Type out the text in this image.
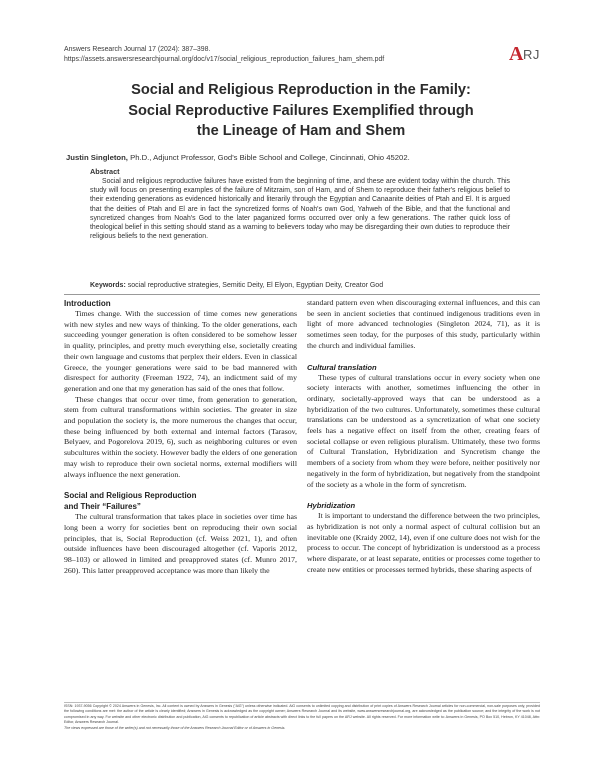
Answers Research Journal 17 (2024): 387–398.
https://assets.answersresearchjournal.org/doc/v17/social_religious_reproduction_failures_ham_shem.pdf	A RJ
Social and Religious Reproduction in the Family:
Social Reproductive Failures Exemplified through
the Lineage of Ham and Shem
Justin Singleton, Ph.D., Adjunct Professor, God's Bible School and College, Cincinnati, Ohio 45202.
Abstract

Social and religious reproductive failures have existed from the beginning of time, and these are evident today within the church. This study will focus on presenting examples of the failure of Mitzraim, son of Ham, and of Shem to reproduce their father's religious belief to their extending generations as evidenced historically and literarily through the Egyptian and Canaanite deities of Ptah and El. It is argued that the deities of Ptah and El are in fact the syncretized forms of Noah's own God, Yahweh of the Bible, and that the functional and syncretized changes from Noah's God to the later paganized forms occurred over only a few generations. The rather quick loss of theological belief in this setting should stand as a warning to believers today who may be disregarding their own duties to reproduce their religious beliefs to the next generation.

Keywords: social reproductive strategies, Semitic Deity, El Elyon, Egyptian Deity, Creator God
Introduction

Times change. With the succession of time comes new generations with new styles and new ways of thinking. To the older generations, each succeeding younger generation is often considered to be somehow lesser in quality, principles, and pretty much everything else, societally creating their own language and customs that perplex their elders. Even in classical Greece, the younger generations were said to be bad mannered with disrespect for authority (Freeman 1922, 74), an indictment said of my generation and one that my generation has said of the ones that follow.

These changes that occur over time, from generation to generation, stem from cultural transformations within societies. The greater in size and population the society is, the more numerous the changes that occur, these being influenced by both external and internal factors (Tarasov, Belyaev, and Pogorelova 2019, 6), such as neighboring cultures or even subcultures within the society. However badly the elders of one generation may wish to reproduce their own societal norms, external modifiers will always influence the next generation.

Social and Religious Reproduction
and Their “Failures”

The cultural transformation that takes place in societies over time has long been a worry for societies bent on reproducing their own social principles, that is, Social Reproduction (cf. Weiss 2021, 1), and often outside influences have been discouraged altogether (cf. Vaporis 2012, 98–103) or allowed in limited and preapproved states (cf. Munro 2017, 260). This latter preapproved acceptance was more than likely the

standard pattern even when discouraging external influences, and this can be seen in ancient societies that continued indigenous traditions even in light of more advanced technologies (Singleton 2024, 71), as it is sometimes seen today, for the purposes of this study, particularly within the church and individual families.

Cultural translation

These types of cultural translations occur in every society when one society interacts with another, sometimes influencing the other in ordinary, societally-approved ways that can be understood as a hybridization of the two cultures. Unfortunately, sometimes these cultural translations can be understood as a syncretization of what one society feels has a negative effect on itself from the other, creating fears of societal collapse or even religious pluralism. Ultimately, these two forms of Cultural Translation, Hybridization and Syncretism change the members of a society from whom they were before, neither positively nor negatively in the form of hybridization, but negatively from the standpoint of the society as a whole in the form of syncretism.

Hybridization

It is important to understand the difference between the two principles, as hybridization is not only a normal aspect of cultural collision but an inevitable one (Kraidy 2002, 14), even if one culture does not wish for the process to occur. The concept of hybridization is understood as a process where disparate, or at least separate, entities or processes come together to create new entities or processes termed hybrids, these sharing aspects of

ISSN: 1937-9056 Copyright © 2024 Answers in Genesis, Inc. All content is owned by Answers in Genesis (“AiG”) unless otherwise indicated. AiG consents to unlimited copying and distribution of print copies of Answers Research Journal articles for non-commercial, non-sale purposes only, provided the following conditions are met: the author of the article is clearly identified; Answers in Genesis is acknowledged as the copyright owner; Answers Research Journal and its website, www.answersresearchjournal.org, are acknowledged as the publication source; and the integrity of the work is not compromised in any way. For website and other electronic distribution and publication, AiG consents to republication of article abstracts with direct links to the full papers on the ARJ website. All rights reserved. For more information write to: Answers in Genesis, PO Box 510, Hebron, KY 41048, Attn: Editor, Answers Research Journal.
The views expressed are those of the writer(s) and not necessarily those of the Answers Research Journal Editor or of Answers in Genesis.
